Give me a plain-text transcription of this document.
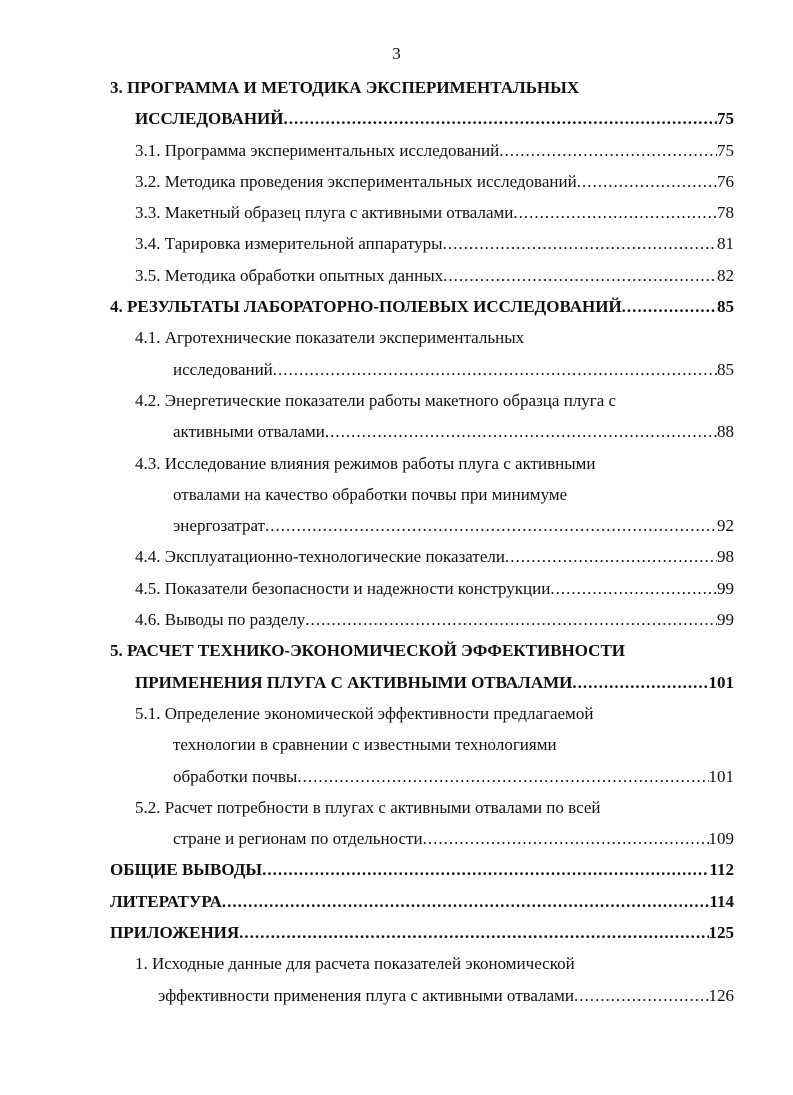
3
3. ПРОГРАММА И МЕТОДИКА ЭКСПЕРИМЕНТАЛЬНЫХ
ИССЛЕДОВАНИЙ .....	75
3.1. Программа экспериментальных исследований .....	75
3.2. Методика проведения экспериментальных исследований .....	76
3.3. Макетный образец плуга с активными отвалами .....	78
3.4. Тарировка измерительной аппаратуры .....	81
3.5. Методика обработки опытных данных .....	82
4. РЕЗУЛЬТАТЫ ЛАБОРАТОРНО-ПОЛЕВЫХ ИССЛЕДОВАНИЙ .....	85
4.1. Агротехнические показатели экспериментальных
исследований .....	85
4.2. Энергетические показатели работы макетного образца плуга с
активными отвалами .....	88
4.3. Исследование влияния режимов работы плуга с активными
отвалами на качество обработки почвы при минимуме
энергозатрат .....	92
4.4. Эксплуатационно-технологические показатели .....	98
4.5. Показатели безопасности и надежности конструкции .....	99
4.6. Выводы по разделу .....	99
5. РАСЧЕТ ТЕХНИКО-ЭКОНОМИЧЕСКОЙ ЭФФЕКТИВНОСТИ
ПРИМЕНЕНИЯ ПЛУГА С АКТИВНЫМИ ОТВАЛАМИ .....	101
5.1. Определение экономической эффективности предлагаемой
технологии в сравнении с известными технологиями
обработки почвы .....	101
5.2. Расчет потребности в плугах с активными отвалами по всей
стране и регионам по отдельности .....	109
ОБЩИЕ ВЫВОДЫ .....	112
ЛИТЕРАТУРА .....	114
ПРИЛОЖЕНИЯ .....	125
1. Исходные данные для расчета показателей экономической
эффективности применения плуга с активными отвалами .....	126
